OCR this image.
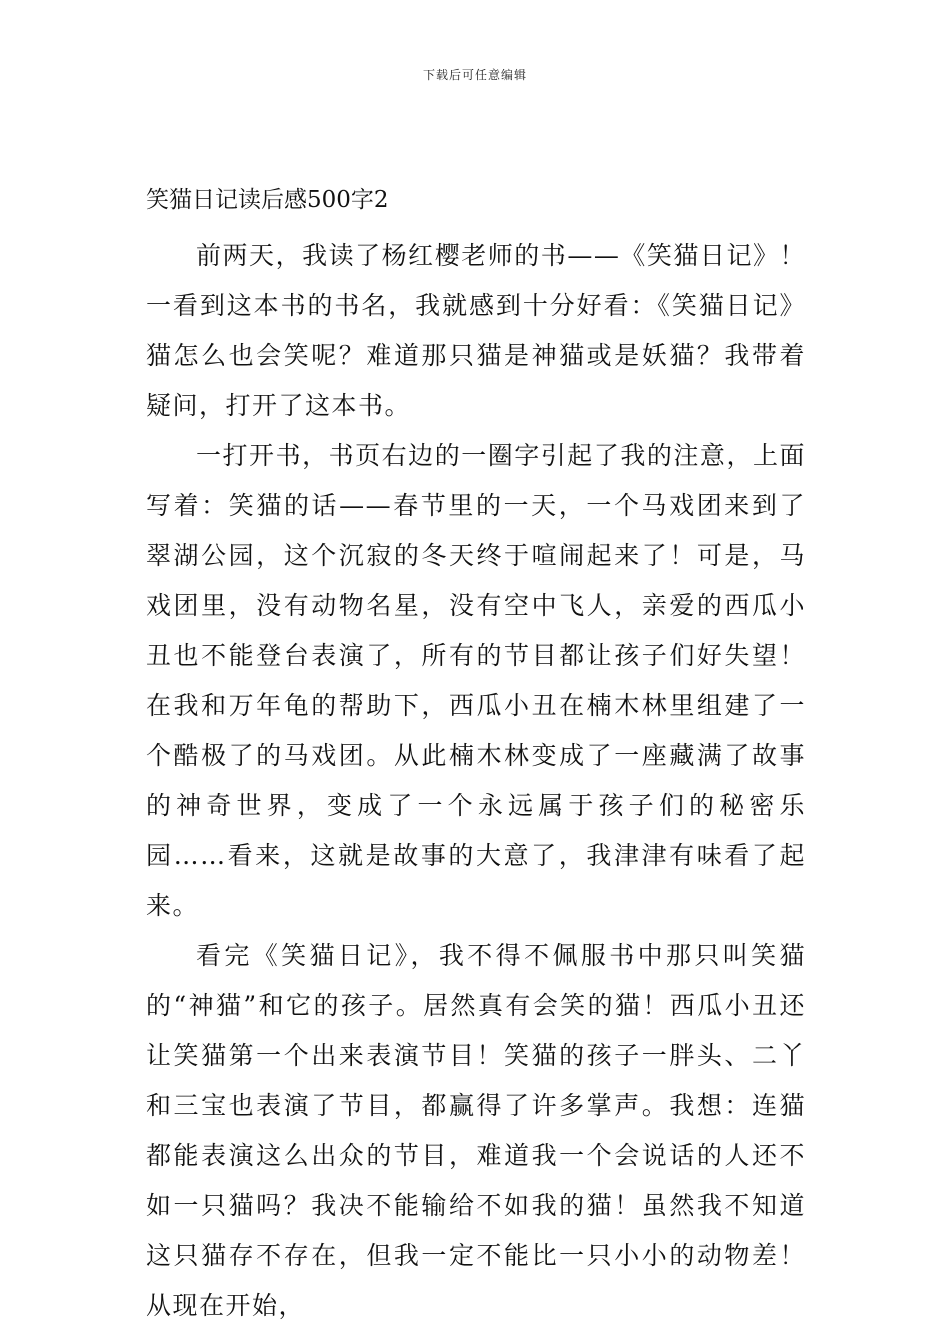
下载后可任意编辑
笑猫日记读后感500字2

前两天，我读了杨红樱老师的书——《笑猫日记》！一看到这本书的书名，我就感到十分好看：《笑猫日记》猫怎么也会笑呢？难道那只猫是神猫或是妖猫？我带着疑问，打开了这本书。

一打开书，书页右边的一圈字引起了我的注意，上面写着：笑猫的话——春节里的一天，一个马戏团来到了翠湖公园，这个沉寂的冬天终于喧闹起来了！可是，马戏团里，没有动物名星，没有空中飞人，亲爱的西瓜小丑也不能登台表演了，所有的节目都让孩子们好失望！在我和万年龟的帮助下，西瓜小丑在楠木林里组建了一个酷极了的马戏团。从此楠木林变成了一座藏满了故事的神奇世界，变成了一个永远属于孩子们的秘密乐园……看来，这就是故事的大意了，我津津有味看了起来。

看完《笑猫日记》，我不得不佩服书中那只叫笑猫的“神猫”和它的孩子。居然真有会笑的猫！西瓜小丑还让笑猫第一个出来表演节目！笑猫的孩子一胖头、二丫和三宝也表演了节目，都赢得了许多掌声。我想：连猫都能表演这么出众的节目，难道我一个会说话的人还不如一只猫吗？我决不能输给不如我的猫！虽然我不知道这只猫存不存在，但我一定不能比一只小小的动物差！从现在开始，
